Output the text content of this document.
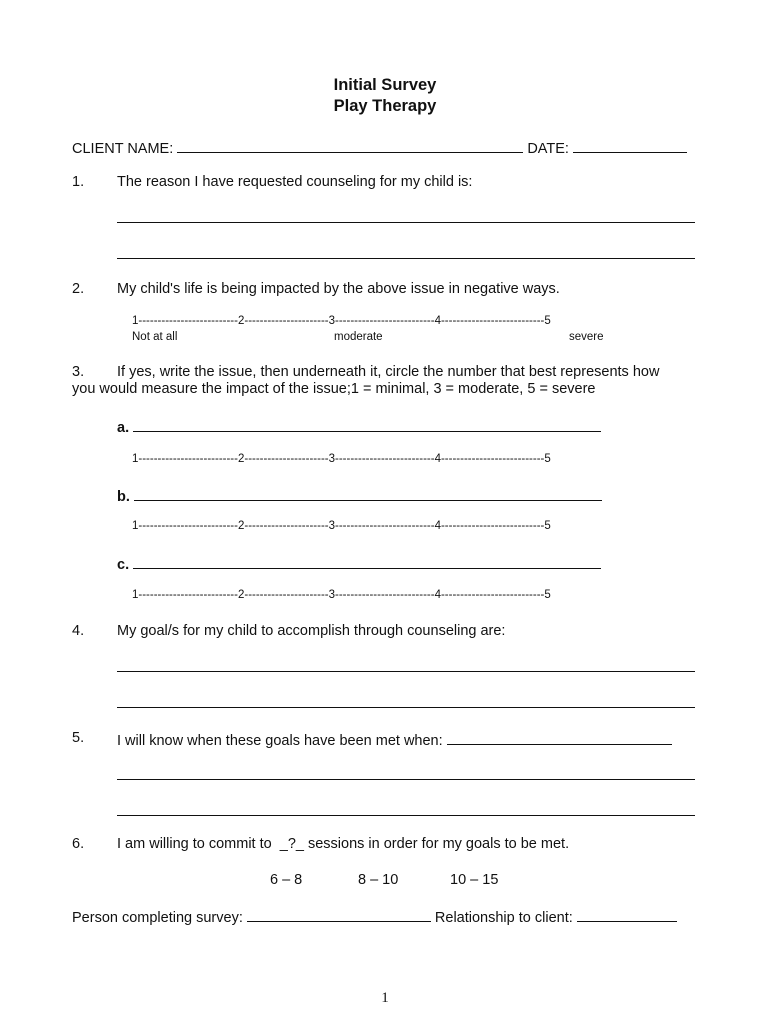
Initial Survey
Play Therapy
CLIENT NAME:	DATE:
1. The reason I have requested counseling for my child is:
2. My child's life is being impacted by the above issue in negative ways.
1--------------------------2----------------------3--------------------------4---------------------------5
Not at all	moderate	severe
3. If yes, write the issue, then underneath it, circle the number that best represents how
you would measure the impact of the issue;1 = minimal, 3 = moderate, 5 = severe
a.
1--------------------------2----------------------3--------------------------4---------------------------5
b.
1--------------------------2----------------------3--------------------------4---------------------------5
c.
1--------------------------2----------------------3--------------------------4---------------------------5
4. My goal/s for my child to accomplish through counseling are:
5. I will know when these goals have been met when:
6. I am willing to commit to _?_ sessions in order for my goals to be met.
6 – 8	8 – 10	10 – 15
Person completing survey:	Relationship to client:
1
